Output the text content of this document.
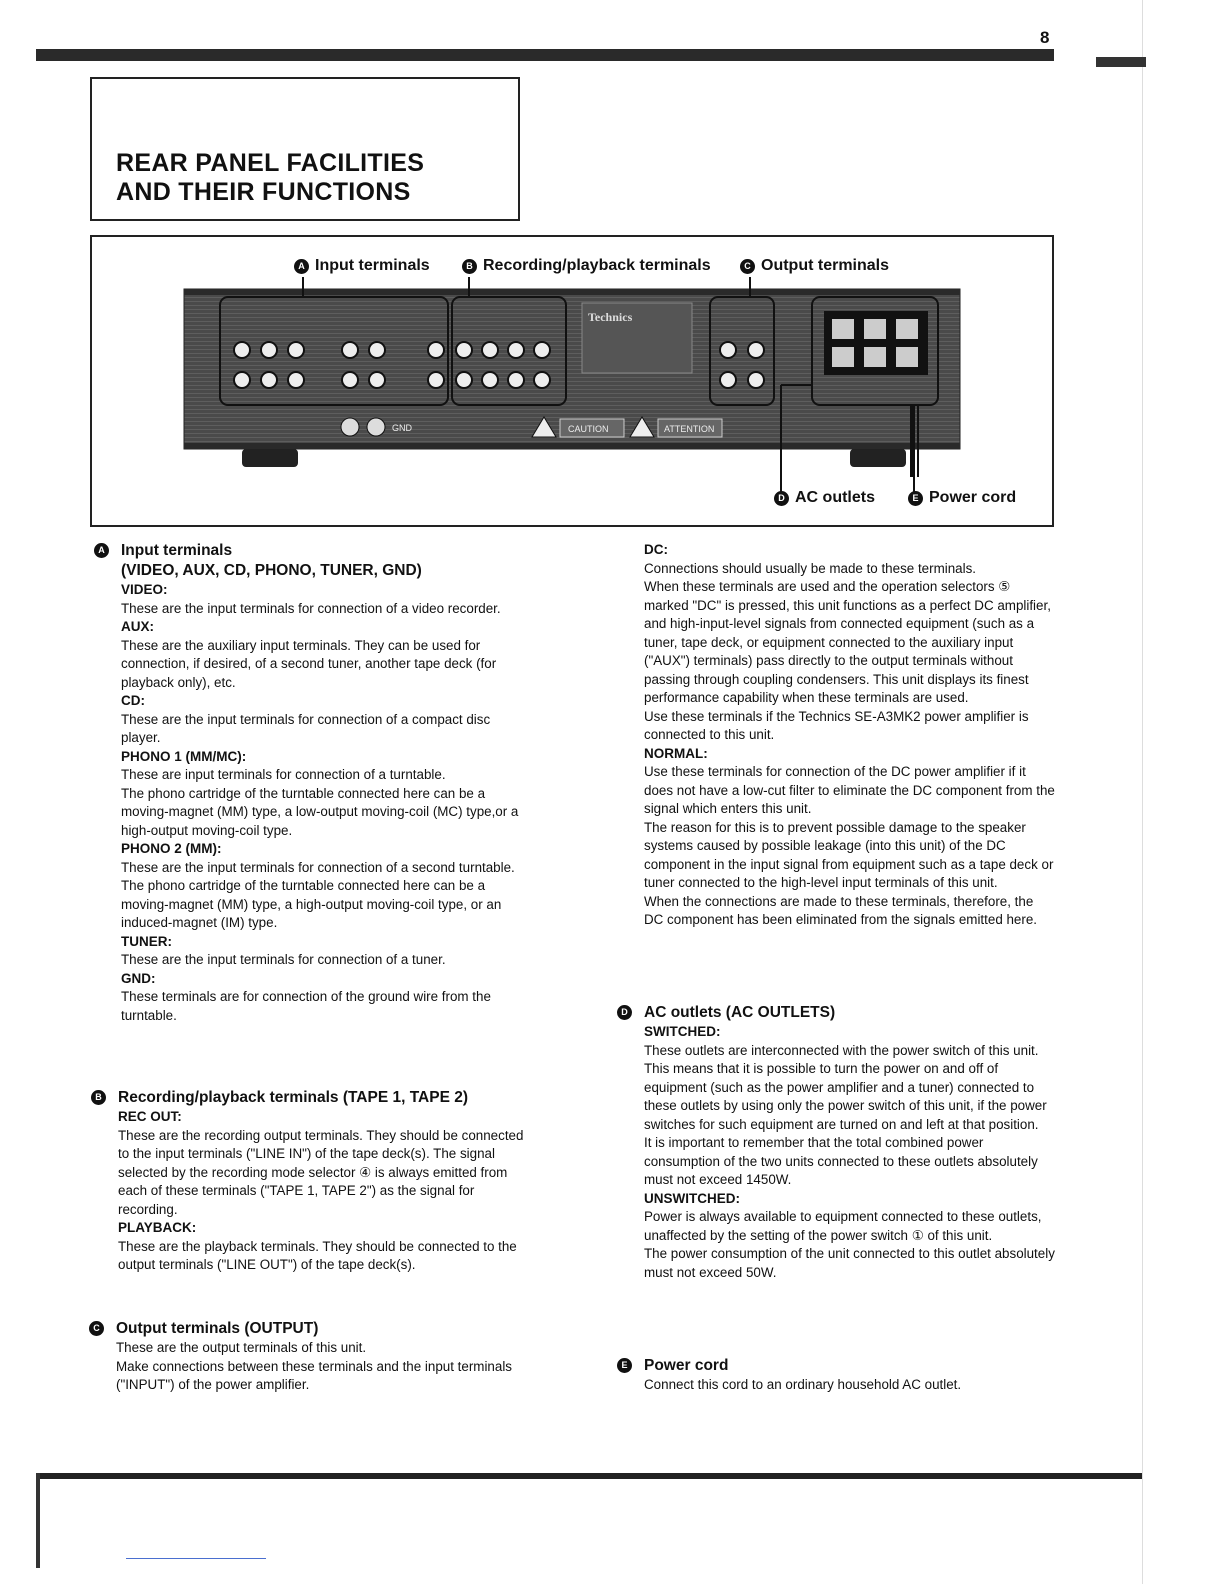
8
REAR PANEL FACILITIES
AND THEIR FUNCTIONS
Technics
CAUTION	ATTENTION
GND
A Input terminals	B Recording/playback terminals	C Output terminals
D AC outlets	E Power cord
A Input terminals

(VIDEO, AUX, CD, PHONO, TUNER, GND)

VIDEO:

These are the input terminals for connection of a video recorder.

AUX:

These are the auxiliary input terminals. They can be used for connection, if desired, of a second tuner, another tape deck (for playback only), etc.

CD:

These are the input terminals for connection of a compact disc player.

PHONO 1 (MM/MC):

These are input terminals for connection of a turntable.

The phono cartridge of the turntable connected here can be a moving-magnet (MM) type, a low-output moving-coil (MC) type,or a high-output moving-coil type.

PHONO 2 (MM):

These are the input terminals for connection of a second turntable.

The phono cartridge of the turntable connected here can be a moving-magnet (MM) type, a high-output moving-coil type, or an induced-magnet (IM) type.

TUNER:

These are the input terminals for connection of a tuner.

GND:

These terminals are for connection of the ground wire from the turntable.

B Recording/playback terminals (TAPE 1, TAPE 2)

REC OUT:

These are the recording output terminals. They should be connected to the input terminals ("LINE IN") of the tape deck(s). The signal selected by the recording mode selector ④ is always emitted from each of these terminals ("TAPE 1, TAPE 2") as the signal for recording.

PLAYBACK:

These are the playback terminals. They should be connected to the output terminals ("LINE OUT") of the tape deck(s).

C Output terminals (OUTPUT)

These are the output terminals of this unit.

Make connections between these terminals and the input terminals ("INPUT") of the power amplifier.

DC:

Connections should usually be made to these terminals.

When these terminals are used and the operation selectors ⑤ marked "DC" is pressed, this unit functions as a perfect DC amplifier, and high-input-level signals from connected equipment (such as a tuner, tape deck, or equipment connected to the auxiliary input ("AUX") terminals) pass directly to the output terminals without passing through coupling condensers. This unit displays its finest performance capability when these terminals are used.

Use these terminals if the Technics SE-A3MK2 power amplifier is connected to this unit.

NORMAL:

Use these terminals for connection of the DC power amplifier if it does not have a low-cut filter to eliminate the DC component from the signal which enters this unit.

The reason for this is to prevent possible damage to the speaker systems caused by possible leakage (into this unit) of the DC component in the input signal from equipment such as a tape deck or tuner connected to the high-level input terminals of this unit.

When the connections are made to these terminals, therefore, the DC component has been eliminated from the signals emitted here.

D AC outlets (AC OUTLETS)

SWITCHED:

These outlets are interconnected with the power switch of this unit.

This means that it is possible to turn the power on and off of equipment (such as the power amplifier and a tuner) connected to these outlets by using only the power switch of this unit, if the power switches for such equipment are turned on and left at that position.

It is important to remember that the total combined power consumption of the two units connected to these outlets absolutely must not exceed 1450W.

UNSWITCHED:

Power is always available to equipment connected to these outlets, unaffected by the setting of the power switch ① of this unit.

The power consumption of the unit connected to this outlet absolutely must not exceed 50W.

E Power cord

Connect this cord to an ordinary household AC outlet.
